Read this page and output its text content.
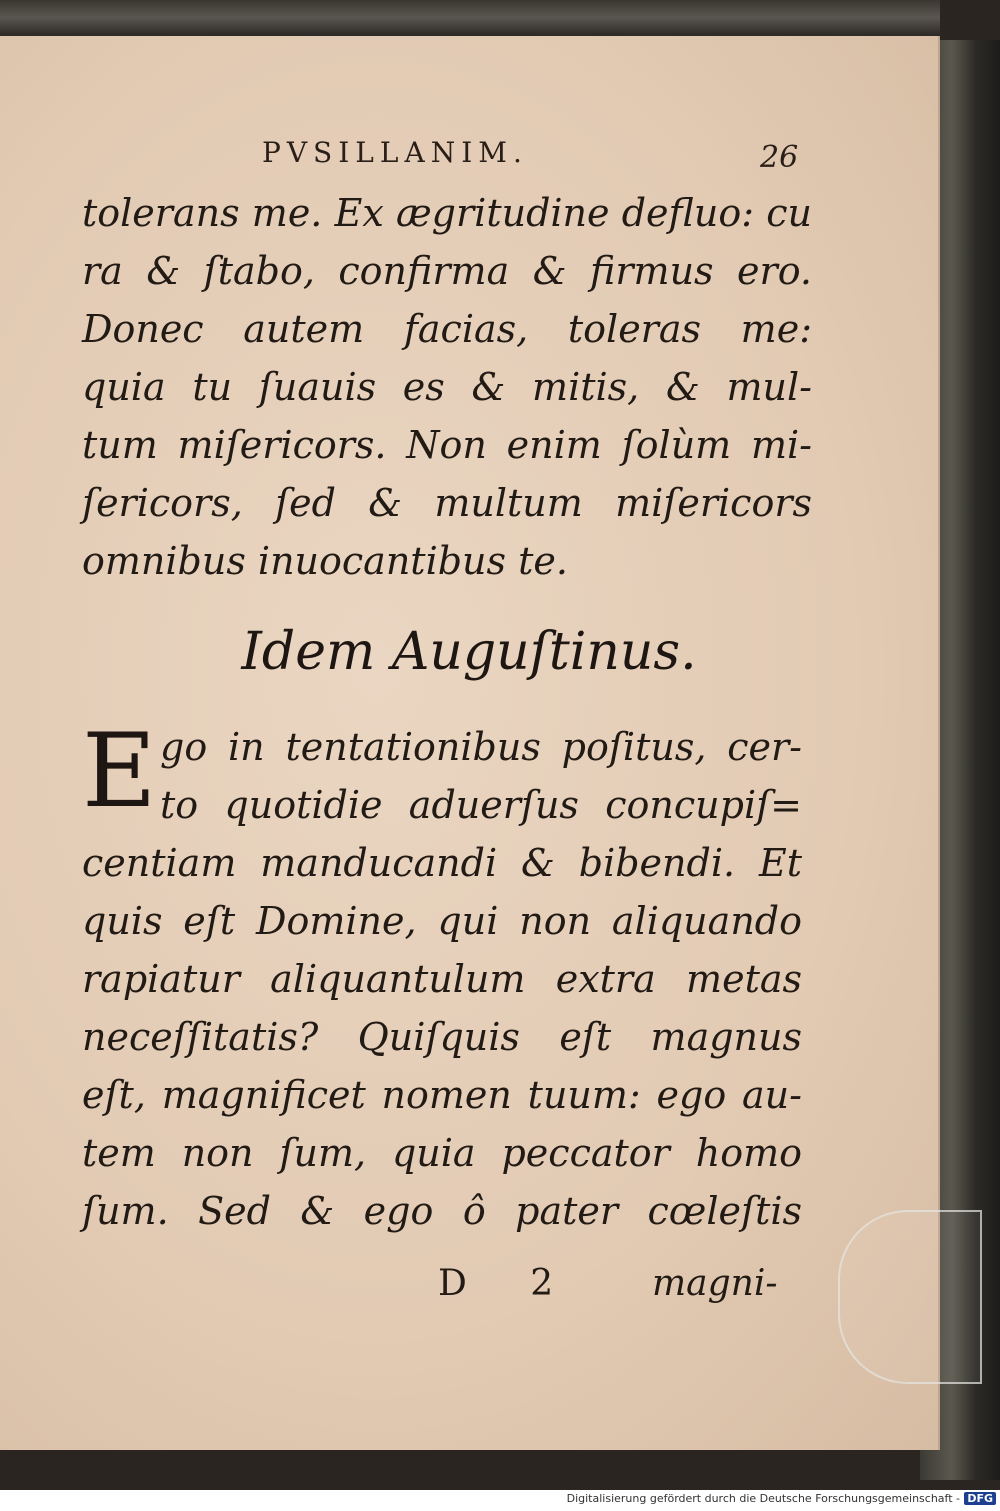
PVSILLANIM.	26
tolerans me. Ex ægritudine defluo: cu
ra & ſtabo, confirma & firmus ero.
Donec autem facias, toleras me:
quia tu ſuauis es & mitis, & mul-
tum miſericors. Non enim ſolùm mi-
ſericors, ſed & multum miſericors
omnibus inuocantibus te.
Idem Auguſtinus.
E go in tentationibus poſitus, cer-
to quotidie aduerſus concupiſ=
centiam manducandi & bibendi. Et
quis eſt Domine, qui non aliquando
rapiatur aliquantulum extra metas
neceſſitatis? Quiſquis eſt magnus
eſt, magnificet nomen tuum: ego au-
tem non ſum, quia peccator homo
ſum. Sed & ego ô pater cœleſtis
D 2 magni-
Digitalisierung gefördert durch die Deutsche Forschungsgemeinschaft - DFG
